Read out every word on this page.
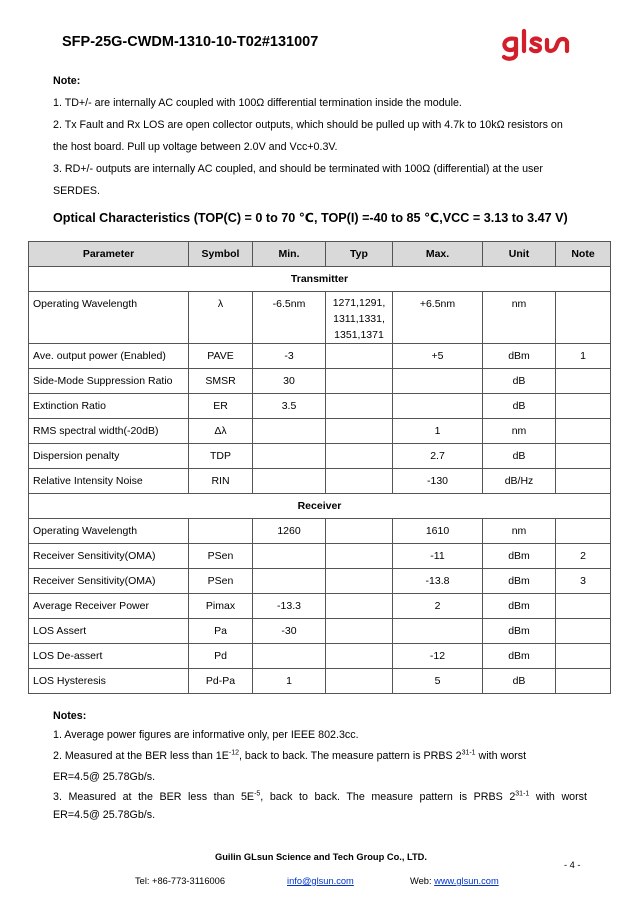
SFP-25G-CWDM-1310-10-T02#131007
Note:
1. TD+/- are internally AC coupled with 100Ω differential termination inside the module.
2. Tx Fault and Rx LOS are open collector outputs, which should be pulled up with 4.7k to 10kΩ resistors on
the host board. Pull up voltage between 2.0V and Vcc+0.3V.
3. RD+/- outputs are internally AC coupled, and should be terminated with 100Ω (differential) at the user
SERDES.
Optical Characteristics (TOP(C) = 0 to 70 ℃, TOP(I) =-40 to 85 ℃,VCC = 3.13 to 3.47 V)
Parameter	Symbol	Min.	Typ	Max.	Unit	Note
Transmitter						
Operating Wavelength	λ	-6.5nm	1271,1291,
1311,1331,
1351,1371	+6.5nm	nm	
Ave. output power (Enabled)	PAVE	-3		+5	dBm	1
Side-Mode Suppression Ratio	SMSR	30			dB	
Extinction Ratio	ER	3.5			dB	
RMS spectral width(-20dB)	Δλ			1	nm	
Dispersion penalty	TDP			2.7	dB	
Relative Intensity Noise	RIN			-130	dB/Hz	
Receiver						
Operating Wavelength		1260		1610	nm	
Receiver Sensitivity(OMA)	PSen			-11	dBm	2
Receiver Sensitivity(OMA)	PSen			-13.8	dBm	3
Average Receiver Power	Pimax	-13.3		2	dBm	
LOS Assert	Pa	-30			dBm	
LOS De-assert	Pd			-12	dBm	
LOS Hysteresis	Pd-Pa	1		5	dB	
Notes:
1. Average power figures are informative only, per IEEE 802.3cc.
2. Measured at the BER less than $1E^{-12}$, back to back. The measure pattern is PRBS 2$^{31-1}$ with worst
ER=4.5@ 25.78Gb/s.
3. Measured at the BER less than $5E^{-5}$, back to back. The measure pattern is PRBS 2$^{31-1}$ with worst
ER=4.5@ 25.78Gb/s.
Guilin GLsun Science and Tech Group Co., LTD.
- 4 -
Tel: +86-773-3116006	info@glsun.com	Web: www.glsun.com
